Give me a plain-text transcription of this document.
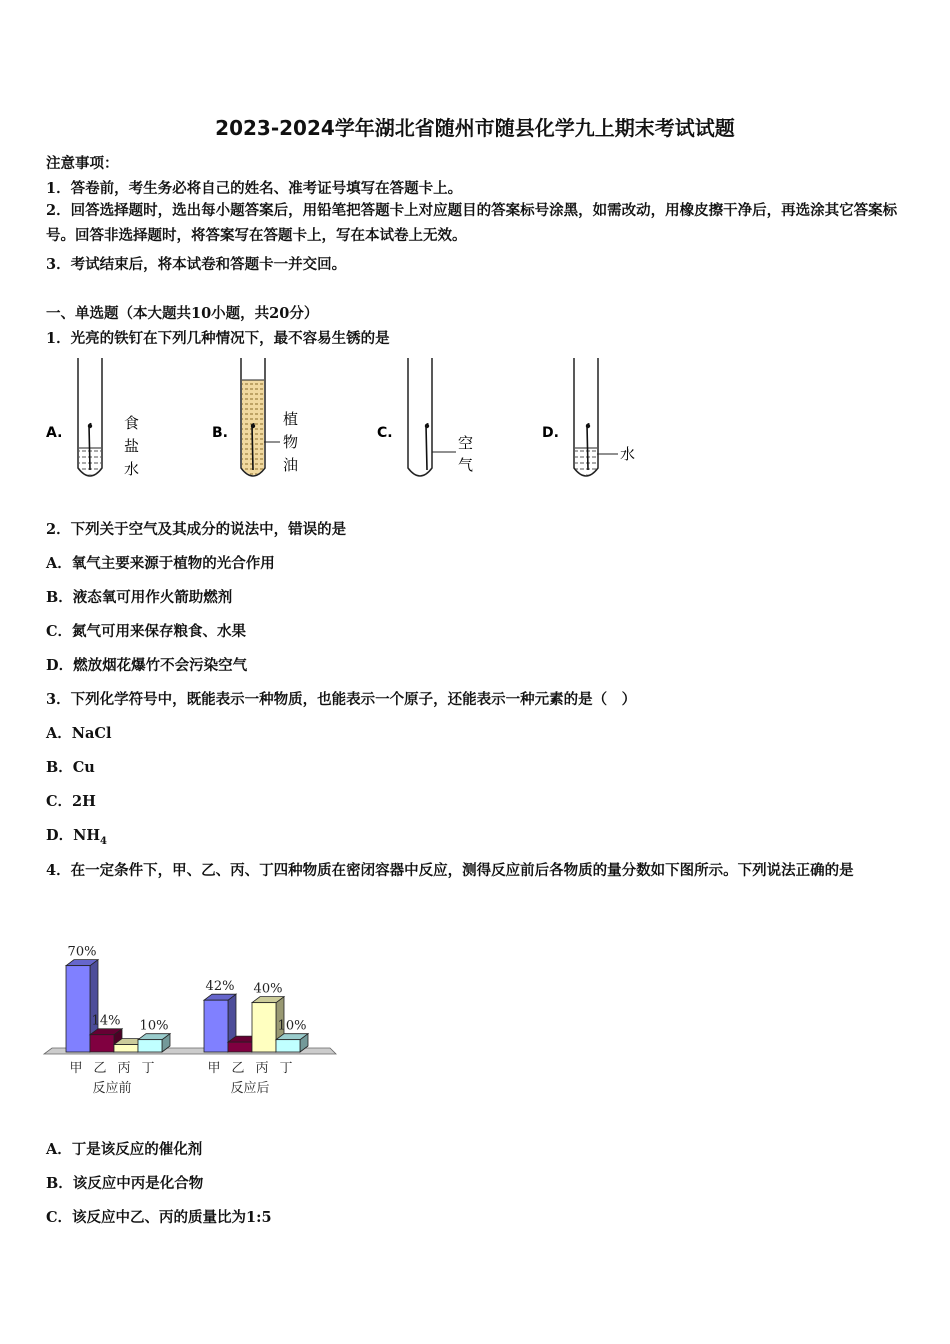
2023-2024学年湖北省随州市随县化学九上期末考试试题
注意事项：
1．答卷前，考生务必将自己的姓名、准考证号填写在答题卡上。
2．回答选择题时，选出每小题答案后，用铅笔把答题卡上对应题目的答案标号涂黑，如需改动，用橡皮擦干净后，再选涂其它答案标号。回答非选择题时，将答案写在答题卡上，写在本试卷上无效。
3．考试结束后，将本试卷和答题卡一并交回。
一、单选题（本大题共10小题，共20分）
1．光亮的铁钉在下列几种情况下，最不容易生锈的是
A.
食
盐
水
B.
植
物
油
C.
空
气
D.
水
2．下列关于空气及其成分的说法中，错误的是
A．氧气主要来源于植物的光合作用
B．液态氧可用作火箭助燃剂
C．氮气可用来保存粮食、水果
D．燃放烟花爆竹不会污染空气
3．下列化学符号中，既能表示一种物质，也能表示一个原子，还能表示一种元素的是（　）
A．NaCl
B．Cu
C．2H
D．$NH_4$
4．在一定条件下，甲、乙、丙、丁四种物质在密闭容器中反应，测得反应前后各物质的量分数如下图所示。下列说法正确的是
70%
甲
14%
乙 丙
10%
丁
反应前
42%
甲 乙
40%
丙
10%
丁
反应后
A．丁是该反应的催化剂
B．该反应中丙是化合物
C．该反应中乙、丙的质量比为1:5
